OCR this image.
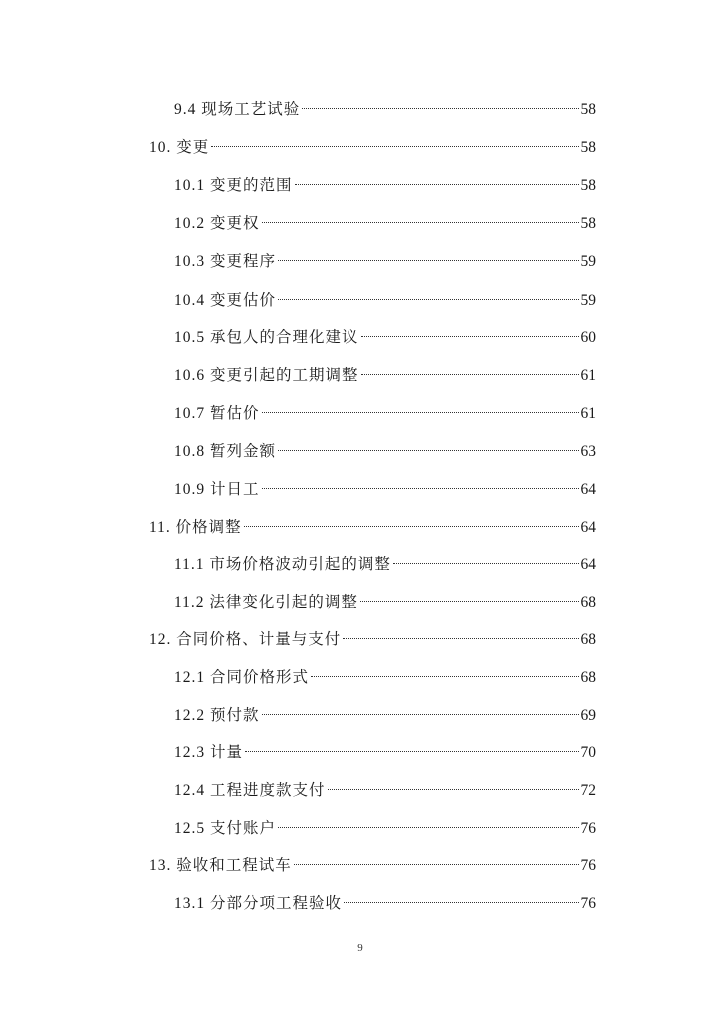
9.4 现场工艺试验	58
10. 变更	58
10.1 变更的范围	58
10.2 变更权	58
10.3 变更程序	59
10.4 变更估价	59
10.5 承包人的合理化建议	60
10.6 变更引起的工期调整	61
10.7 暂估价	61
10.8 暂列金额	63
10.9 计日工	64
11. 价格调整	64
11.1 市场价格波动引起的调整	64
11.2 法律变化引起的调整	68
12. 合同价格、计量与支付	68
12.1 合同价格形式	68
12.2 预付款	69
12.3 计量	70
12.4 工程进度款支付	72
12.5 支付账户	76
13. 验收和工程试车	76
13.1 分部分项工程验收	76
9
